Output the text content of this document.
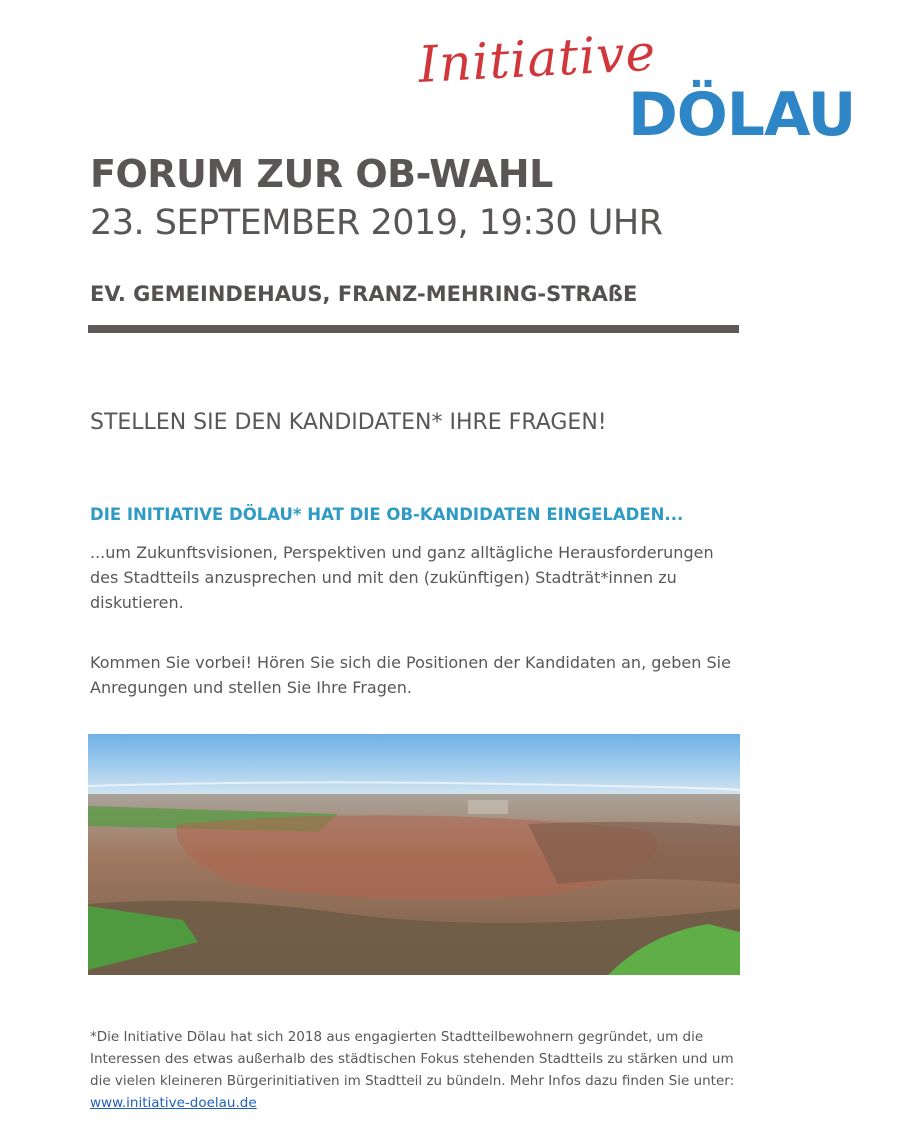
Initiative
DÖLAU
FORUM ZUR OB-WAHL
23. SEPTEMBER 2019, 19:30 UHR
EV. GEMEINDEHAUS, FRANZ-MEHRING-STRAßE
STELLEN SIE DEN KANDIDATEN* IHRE FRAGEN!
DIE INITIATIVE DÖLAU* HAT DIE OB-KANDIDATEN EINGELADEN...

...um Zukunftsvisionen, Perspektiven und ganz alltägliche Herausforderungen des Stadtteils anzusprechen und mit den (zukünftigen) Stadträt*innen zu diskutieren.

Kommen Sie vorbei! Hören Sie sich die Positionen der Kandidaten an, geben Sie Anregungen und stellen Sie Ihre Fragen.

*Die Initiative Dölau hat sich 2018 aus engagierten Stadtteilbewohnern gegründet, um die Interessen des etwas außerhalb des städtischen Fokus stehenden Stadtteils zu stärken und um die vielen kleineren Bürgerinitiativen im Stadtteil zu bündeln. Mehr Infos dazu finden Sie unter: www.initiative-doelau.de
